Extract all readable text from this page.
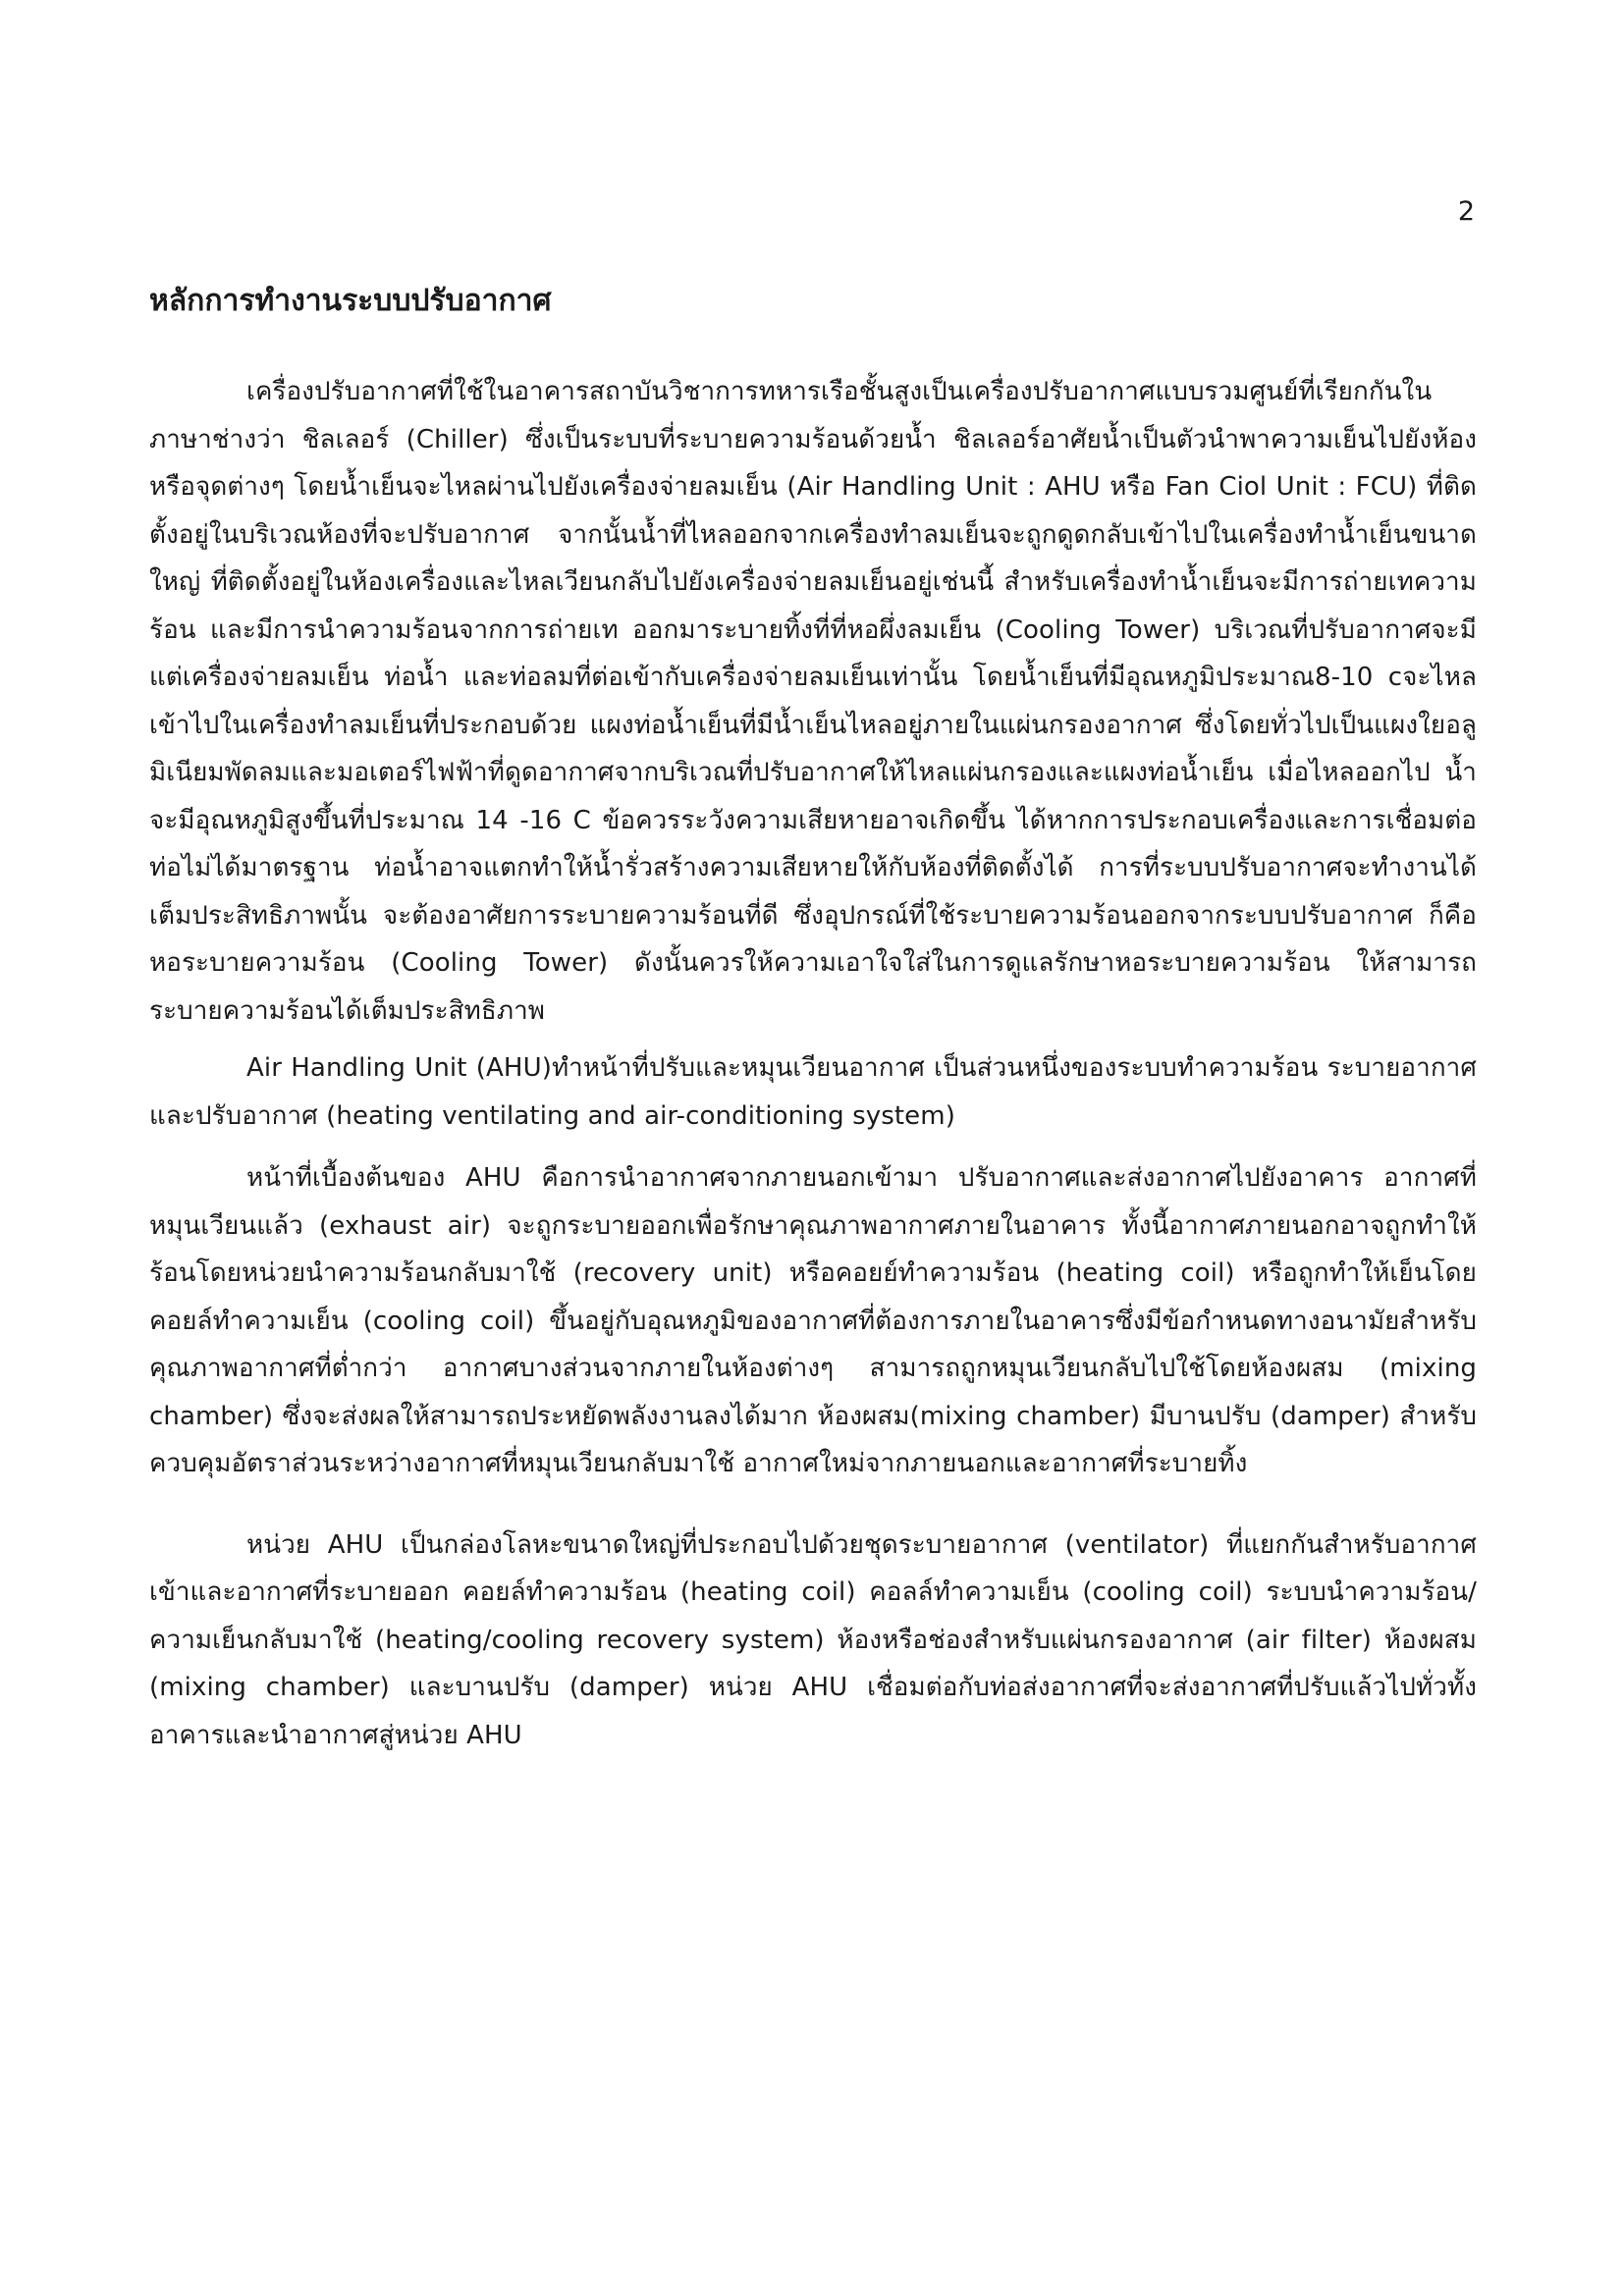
2
หลักการทำงานระบบปรับอากาศ

เครื่องปรับอากาศที่ใช้ในอาคารสถาบันวิชาการทหารเรือชั้นสูงเป็นเครื่องปรับอากาศแบบรวมศูนย์ที่เรียกกันในภาษาช่างว่า ชิลเลอร์ (Chiller) ซึ่งเป็นระบบที่ระบายความร้อนด้วยน้ำ ชิลเลอร์อาศัยน้ำเป็นตัวนำพาความเย็นไปยังห้องหรือจุดต่างๆ โดยน้ำเย็นจะไหลผ่านไปยังเครื่องจ่ายลมเย็น (Air Handling Unit : AHU หรือ Fan Ciol Unit : FCU) ที่ติดตั้งอยู่ในบริเวณห้องที่จะปรับอากาศ จากนั้นน้ำที่ไหลออกจากเครื่องทำลมเย็นจะถูกดูดกลับเข้าไปในเครื่องทำน้ำเย็นขนาดใหญ่ ที่ติดตั้งอยู่ในห้องเครื่องและไหลเวียนกลับไปยังเครื่องจ่ายลมเย็นอยู่เช่นนี้ สำหรับเครื่องทำน้ำเย็นจะมีการถ่ายเทความร้อน และมีการนำความร้อนจากการถ่ายเท ออกมาระบายทิ้งที่ที่หอผึ่งลมเย็น (Cooling Tower) บริเวณที่ปรับอากาศจะมีแต่เครื่องจ่ายลมเย็น ท่อน้ำ และท่อลมที่ต่อเข้ากับเครื่องจ่ายลมเย็นเท่านั้น โดยน้ำเย็นที่มีอุณหภูมิประมาณ8-10 cจะไหลเข้าไปในเครื่องทำลมเย็นที่ประกอบด้วย แผงท่อน้ำเย็นที่มีน้ำเย็นไหลอยู่ภายในแผ่นกรองอากาศ ซึ่งโดยทั่วไปเป็นแผงใยอลูมิเนียมพัดลมและมอเตอร์ไฟฟ้าที่ดูดอากาศจากบริเวณที่ปรับอากาศให้ไหลแผ่นกรองและแผงท่อน้ำเย็น เมื่อไหลออกไป น้ำจะมีอุณหภูมิสูงขึ้นที่ประมาณ 14 -16 C ข้อควรระวังความเสียหายอาจเกิดขึ้น ได้หากการประกอบเครื่องและการเชื่อมต่อท่อไม่ได้มาตรฐาน ท่อน้ำอาจแตกทำให้น้ำรั่วสร้างความเสียหายให้กับห้องที่ติดตั้งได้ การที่ระบบปรับอากาศจะทำงานได้เต็มประสิทธิภาพนั้น จะต้องอาศัยการระบายความร้อนที่ดี ซึ่งอุปกรณ์ที่ใช้ระบายความร้อนออกจากระบบปรับอากาศ ก็คือหอระบายความร้อน (Cooling Tower) ดังนั้นควรให้ความเอาใจใส่ในการดูแลรักษาหอระบายความร้อน ให้สามารถระบายความร้อนได้เต็มประสิทธิภาพ

Air Handling Unit (AHU)ทำหน้าที่ปรับและหมุนเวียนอากาศ เป็นส่วนหนึ่งของระบบทำความร้อน ระบายอากาศและปรับอากาศ (heating ventilating and air-conditioning system)

หน้าที่เบื้องต้นของ AHU คือการนำอากาศจากภายนอกเข้ามา ปรับอากาศและส่งอากาศไปยังอาคาร อากาศที่หมุนเวียนแล้ว (exhaust air) จะถูกระบายออกเพื่อรักษาคุณภาพอากาศภายในอาคาร ทั้งนี้อากาศภายนอกอาจถูกทำให้ร้อนโดยหน่วยนำความร้อนกลับมาใช้ (recovery unit) หรือคอยย์ทำความร้อน (heating coil) หรือถูกทำให้เย็นโดยคอยล์ทำความเย็น (cooling coil) ขึ้นอยู่กับอุณหภูมิของอากาศที่ต้องการภายในอาคารซึ่งมีข้อกำหนดทางอนามัยสำหรับคุณภาพอากาศที่ต่ำกว่า อากาศบางส่วนจากภายในห้องต่างๆ สามารถถูกหมุนเวียนกลับไปใช้โดยห้องผสม (mixing chamber) ซึ่งจะส่งผลให้สามารถประหยัดพลังงานลงได้มาก ห้องผสม(mixing chamber) มีบานปรับ (damper) สำหรับควบคุมอัตราส่วนระหว่างอากาศที่หมุนเวียนกลับมาใช้ อากาศใหม่จากภายนอกและอากาศที่ระบายทิ้ง

หน่วย AHU เป็นกล่องโลหะขนาดใหญ่ที่ประกอบไปด้วยชุดระบายอากาศ (ventilator) ที่แยกกันสำหรับอากาศเข้าและอากาศที่ระบายออก คอยล์ทำความร้อน (heating coil) คอลล์ทำความเย็น (cooling coil) ระบบนำความร้อน/ความเย็นกลับมาใช้ (heating/cooling recovery system) ห้องหรือช่องสำหรับแผ่นกรองอากาศ (air filter) ห้องผสม (mixing chamber) และบานปรับ (damper) หน่วย AHU เชื่อมต่อกับท่อส่งอากาศที่จะส่งอากาศที่ปรับแล้วไปทั่วทั้งอาคารและนำอากาศสู่หน่วย AHU
